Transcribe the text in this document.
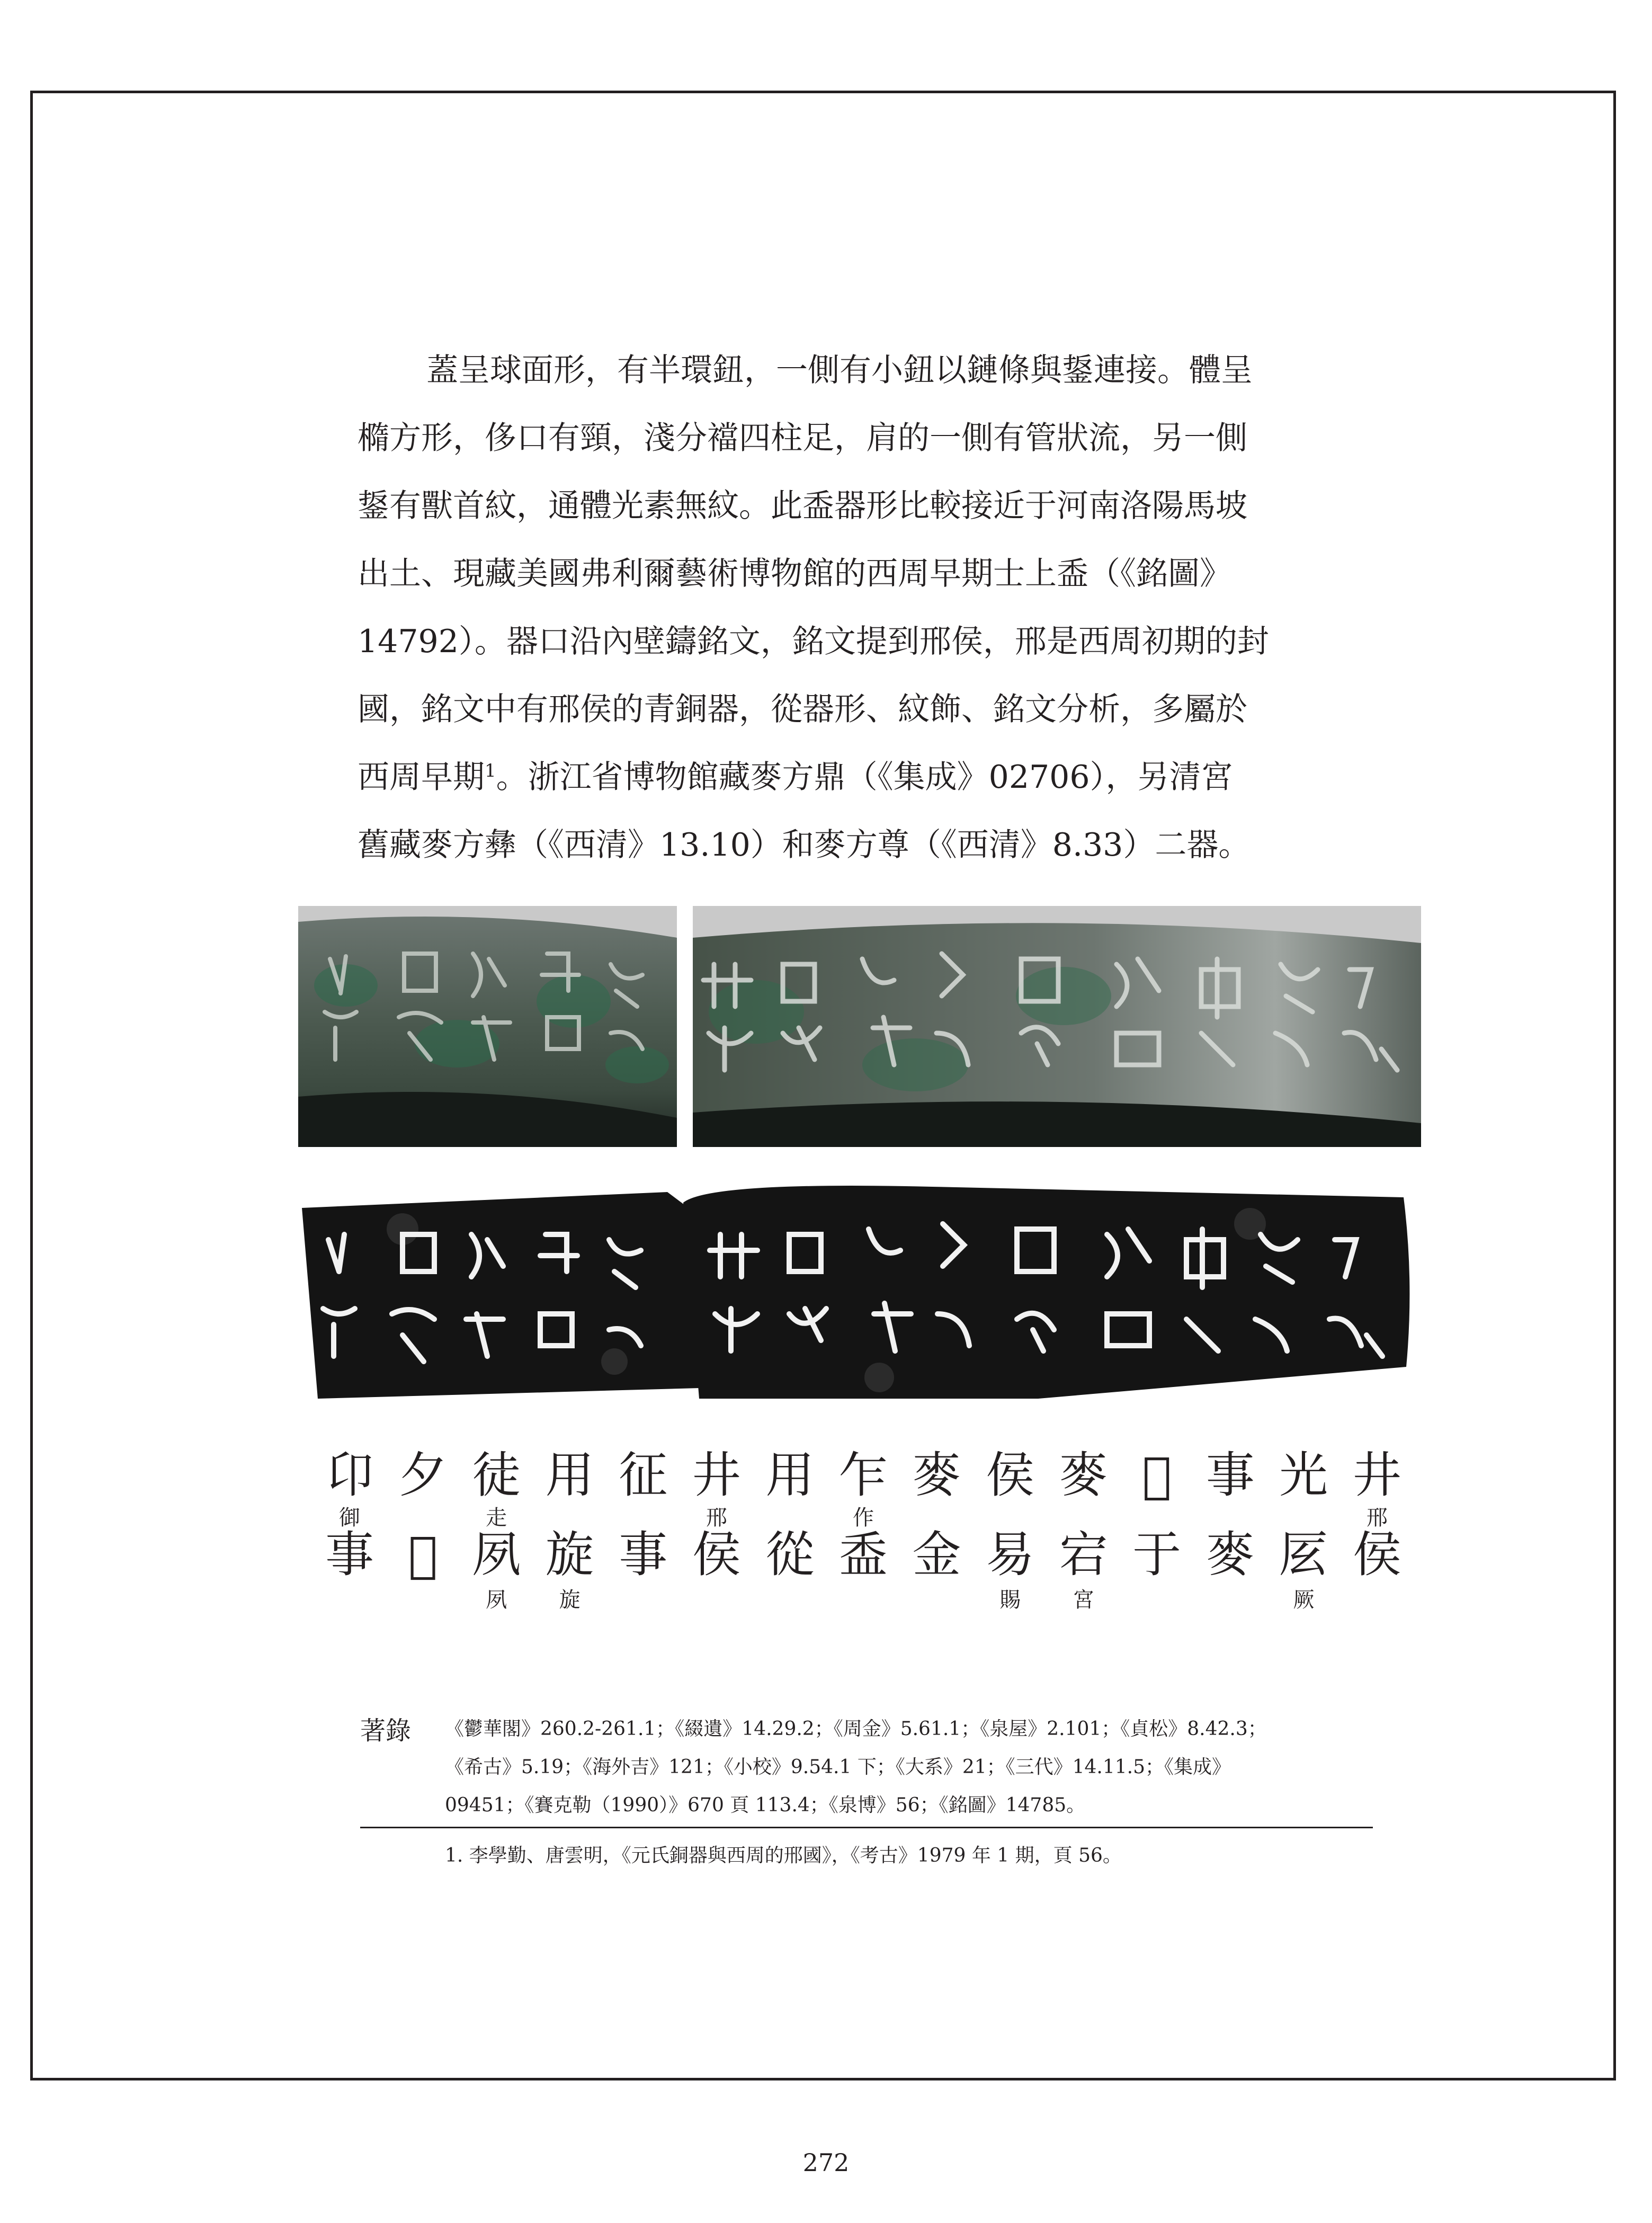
蓋呈球面形，有半環鈕，一側有小鈕以鏈條與鋬連接。體呈
橢方形，侈口有頸，淺分襠四柱足，肩的一側有管狀流，另一側
鋬有獸首紋，通體光素無紋。此盉器形比較接近于河南洛陽馬坡
出土、現藏美國弗利爾藝術博物館的西周早期士上盉（《銘圖》
14792）。器口沿內壁鑄銘文，銘文提到邢侯，邢是西周初期的封
國，銘文中有邢侯的青銅器，從器形、紋飾、銘文分析，多屬於
西周早期$^1$。浙江省博物館藏麥方鼎（《集成》02706），另清宮
舊藏麥方彝（《西清》13.10）和麥方尊（《西清》8.33）二器。
卬 夕 徒 用 征 井 用 乍 麥 侯 麥 𡧊 事 光 井
御	走	邢	作	邢
事 𡧊 夙 旋 事 侯 從 盉 金 易 宕 于 麥 㕄 侯
夙	旋	賜	宮	厥
著錄 《鬱華閣》260.2-261.1；《綴遺》14.29.2；《周金》5.61.1；《泉屋》2.101；《貞松》8.42.3；
《希古》5.19；《海外吉》121；《小校》9.54.1 下；《大系》21；《三代》14.11.5；《集成》
09451；《賽克勒（1990）》670 頁 113.4；《泉博》56；《銘圖》14785。
1. 李學勤、唐雲明，《元氏銅器與西周的邢國》，《考古》1979 年 1 期，頁 56。
272
